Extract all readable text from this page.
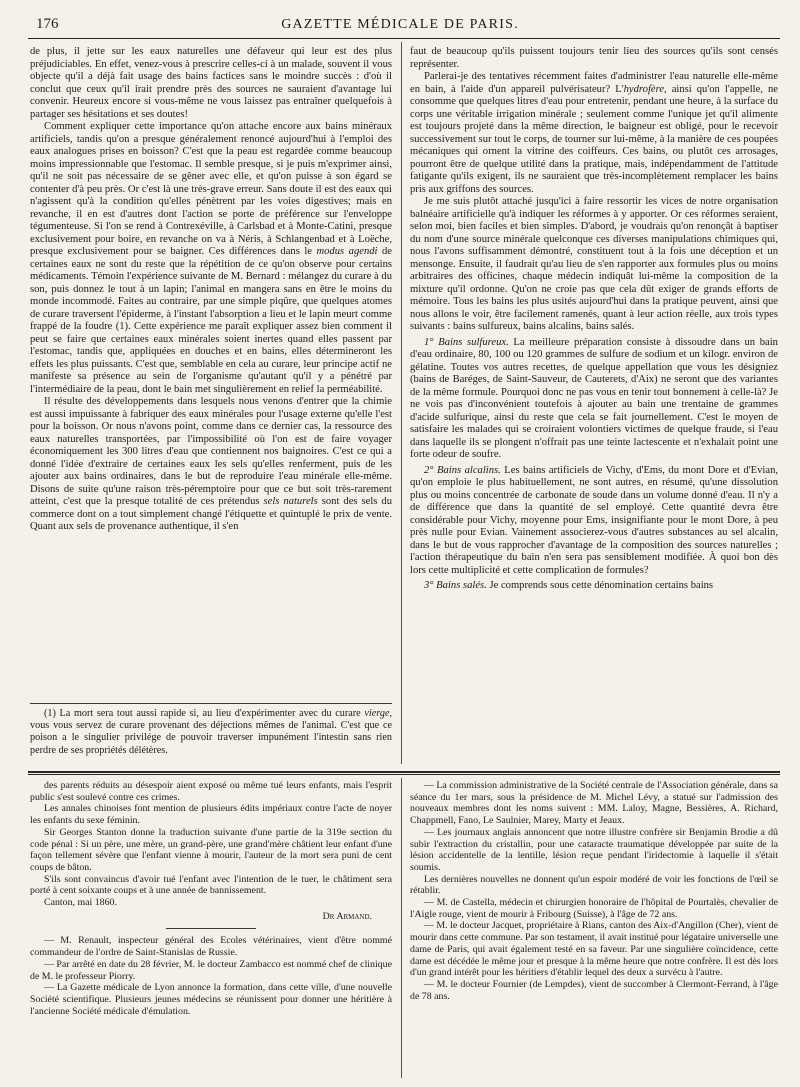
176	GAZETTE MÉDICALE DE PARIS.

de plus, il jette sur les eaux naturelles une défaveur qui leur est des plus préjudiciables. En effet, venez-vous à prescrire celles-ci à un malade, souvent il vous objecte qu'il a déjà fait usage des bains factices sans le moindre succès : d'où il conclut que ceux qu'il irait prendre près des sources ne sauraient d'avantage lui convenir. Heureux encore si vous-même ne vous laissez pas entraîner quelquefois à partager ses hésitations et ses doutes!

Comment expliquer cette importance qu'on attache encore aux bains minéraux artificiels, tandis qu'on a presque généralement renoncé aujourd'hui à l'emploi des eaux analogues prises en boisson? C'est que la peau est regardée comme beaucoup moins impressionnable que l'estomac. Il semble presque, si je puis m'exprimer ainsi, qu'il ne soit pas nécessaire de se gêner avec elle, et qu'on puisse à son égard se contenter d'à peu près. Or c'est là une très-grave erreur. Sans doute il est des eaux qui n'agissent qu'à la condition qu'elles pénètrent par les voies digestives; mais en revanche, il en est d'autres dont l'action se porte de préférence sur l'enveloppe tégumenteuse. Si l'on se rend à Contrexéville, à Carlsbad et à Monte-Catini, presque exclusivement pour boire, en revanche on va à Néris, à Schlangenbad et à Loëche, presque exclusivement pour se baigner. Ces différences dans le modus agendi de certaines eaux ne sont du reste que la répétition de ce qu'on observe pour certains médicaments. Témoin l'expérience suivante de M. Bernard : mélangez du curare à du son, puis donnez le tout à un lapin; l'animal en mangera sans en être le moins du monde incommodé. Faites au contraire, par une simple piqûre, que quelques atomes de curare traversent l'épiderme, à l'instant l'absorption a lieu et le lapin meurt comme frappé de la foudre (1). Cette expérience me paraît expliquer assez bien comment il peut se faire que certaines eaux minérales soient inertes quand elles passent par l'estomac, tandis que, appliquées en douches et en bains, elles détermineront les effets les plus puissants. C'est que, semblable en cela au curare, leur principe actif ne manifeste sa présence au sein de l'organisme qu'autant qu'il y a pénétré par l'intermédiaire de la peau, dont le bain met singulièrement en relief la perméabilité.

Il résulte des développements dans lesquels nous venons d'entrer que la chimie est aussi impuissante à fabriquer des eaux minérales pour l'usage externe qu'elle l'est pour la boisson. Or nous n'avons point, comme dans ce dernier cas, la ressource des eaux naturelles transportées, par l'impossibilité où l'on est de faire voyager économiquement les 300 litres d'eau que contiennent nos baignoires. C'est ce qui a donné l'idée d'extraire de certaines eaux les sels qu'elles renferment, puis de les ajouter aux bains ordinaires, dans le but de reproduire l'eau minérale elle-même. Disons de suite qu'une raison très-péremptoire pour que ce but soit très-rarement atteint, c'est que la presque totalité de ces prétendus sels naturels sont des sels du commerce dont on a tout simplement changé l'étiquette et quintuplé le prix de vente. Quant aux sels de provenance authentique, il s'en

(1) La mort sera tout aussi rapide si, au lieu d'expérimenter avec du curare vierge, vous vous servez de curare provenant des déjections mêmes de l'animal. C'est que ce poison a le singulier privilége de pouvoir traverser impunément l'intestin sans rien perdre de ses propriétés délétères.

faut de beaucoup qu'ils puissent toujours tenir lieu des sources qu'ils sont censés représenter.

Parlerai-je des tentatives récemment faites d'administrer l'eau naturelle elle-même en bain, à l'aide d'un appareil pulvérisateur? L'hydrofère, ainsi qu'on l'appelle, ne consomme que quelques litres d'eau pour entretenir, pendant une heure, à la surface du corps une véritable irrigation minérale ; seulement comme l'unique jet qu'il alimente est toujours projeté dans la même direction, le baigneur est obligé, pour le recevoir successivement sur tout le corps, de tourner sur lui-même, à la manière de ces poupées mécaniques qui ornent la vitrine des coiffeurs. Ces bains, ou plutôt ces arrosages, pourront être de quelque utilité dans la pratique, mais, indépendamment de l'attitude fatigante qu'ils exigent, ils ne sauraient que très-incomplètement remplacer les bains pris aux griffons des sources.

Je me suis plutôt attaché jusqu'ici à faire ressortir les vices de notre organisation balnéaire artificielle qu'à indiquer les réformes à y apporter. Or ces réformes seraient, selon moi, bien faciles et bien simples. D'abord, je voudrais qu'on renonçât à baptiser du nom d'une source minérale quelconque ces diverses manipulations chimiques qui, nous l'avons suffisamment démontré, constituent tout à la fois une déception et un mensonge. Ensuite, il faudrait qu'au lieu de s'en rapporter aux formules plus ou moins arbitraires des officines, chaque médecin indiquât lui-même la composition de la mixture qu'il ordonne. Qu'on ne croie pas que cela dût exiger de grands efforts de mémoire. Tous les bains les plus usités aujourd'hui dans la pratique peuvent, ainsi que nous allons le voir, être facilement ramenés, quant à leur action réelle, aux trois types suivants : bains sulfureux, bains alcalins, bains salés.

1° Bains sulfureux. La meilleure préparation consiste à dissoudre dans un bain d'eau ordinaire, 80, 100 ou 120 grammes de sulfure de sodium et un kilogr. environ de gélatine. Toutes vos autres recettes, de quelque appellation que vous les désigniez (bains de Baréges, de Saint-Sauveur, de Cauterets, d'Aix) ne seront que des variantes de la même formule. Pourquoi donc ne pas vous en tenir tout bonnement à celle-là? Je ne vois pas d'inconvénient toutefois à ajouter au bain une trentaine de grammes d'acide sulfurique, ainsi du reste que cela se fait journellement. C'est le moyen de satisfaire les malades qui se croiraient volontiers victimes de quelque fraude, si l'eau dans laquelle ils se plongent n'offrait pas une teinte lactescente et n'exhalait point une forte odeur de soufre.

2° Bains alcalins. Les bains artificiels de Vichy, d'Ems, du mont Dore et d'Evian, qu'on emploie le plus habituellement, ne sont autres, en résumé, qu'une dissolution plus ou moins concentrée de carbonate de soude dans un volume donné d'eau. Il n'y a de différence que dans la quantité de sel employé. Cette quantité devra être considérable pour Vichy, moyenne pour Ems, insignifiante pour le mont Dore, à peu près nulle pour Evian. Vainement associerez-vous d'autres substances au sel alcalin, dans le but de vous rapprocher d'avantage de la composition des sources naturelles ; l'action thérapeutique du bain n'en sera pas sensiblement modifiée. À quoi bon dès lors cette multiplicité et cette complication de formules?

3° Bains salés. Je comprends sous cette dénomination certains bains

des parents réduits au désespoir aient exposé ou même tué leurs enfants, mais l'esprit public s'est soulevé contre ces crimes.

Les annales chinoises font mention de plusieurs édits impériaux contre l'acte de noyer les enfants du sexe féminin.

Sir Georges Stanton donne la traduction suivante d'une partie de la 319e section du code pénal : Si un père, une mère, un grand-père, une grand'mère châtient leur enfant d'une façon tellement sévère que l'enfant vienne à mourir, l'auteur de la mort sera puni de cent coups de bâton.

S'ils sont convaincus d'avoir tué l'enfant avec l'intention de le tuer, le châtiment sera porté à cent soixante coups et à une année de bannissement.

Canton, mai 1860.

Dr Armand.

— M. Renault, inspecteur général des Ecoles vétérinaires, vient d'être nommé commandeur de l'ordre de Saint-Stanislas de Russie.

— Par arrêté en date du 28 février, M. le docteur Zambacco est nommé chef de clinique de M. le professeur Piorry.

— La Gazette médicale de Lyon annonce la formation, dans cette ville, d'une nouvelle Société scientifique. Plusieurs jeunes médecins se réunissent pour donner une héritière à l'ancienne Société médicale d'émulation.

— La commission administrative de la Société centrale de l'Association générale, dans sa séance du 1er mars, sous la présidence de M. Michel Lévy, a statué sur l'admission des nouveaux membres dont les noms suivent : MM. Laloy, Magne, Bessières, A. Richard, Chappmell, Fano, Le Saulnier, Marey, Marty et Jeaux.

— Les journaux anglais annoncent que notre illustre confrère sir Benjamin Brodie a dû subir l'extraction du cristallin, pour une cataracte traumatique développée par suite de la lésion accidentelle de la lentille, lésion reçue pendant l'iridectomie à laquelle il s'était soumis.

Les dernières nouvelles ne donnent qu'un espoir modéré de voir les fonctions de l'œil se rétablir.

— M. de Castella, médecin et chirurgien honoraire de l'hôpital de Pourtalès, chevalier de l'Aigle rouge, vient de mourir à Fribourg (Suisse), à l'âge de 72 ans.

— M. le docteur Jacquet, propriétaire à Rians, canton des Aix-d'Angillon (Cher), vient de mourir dans cette commune. Par son testament, il avait institué pour légataire universelle une dame de Paris, qui avait également testé en sa faveur. Par une singulière coïncidence, cette dame est décédée le même jour et presque à la même heure que notre confrère. Il est dès lors d'un grand intérêt pour les héritiers d'établir lequel des deux a survécu à l'autre.

— M. le docteur Fournier (de Lempdes), vient de succomber à Clermont-Ferrand, à l'âge de 78 ans.
